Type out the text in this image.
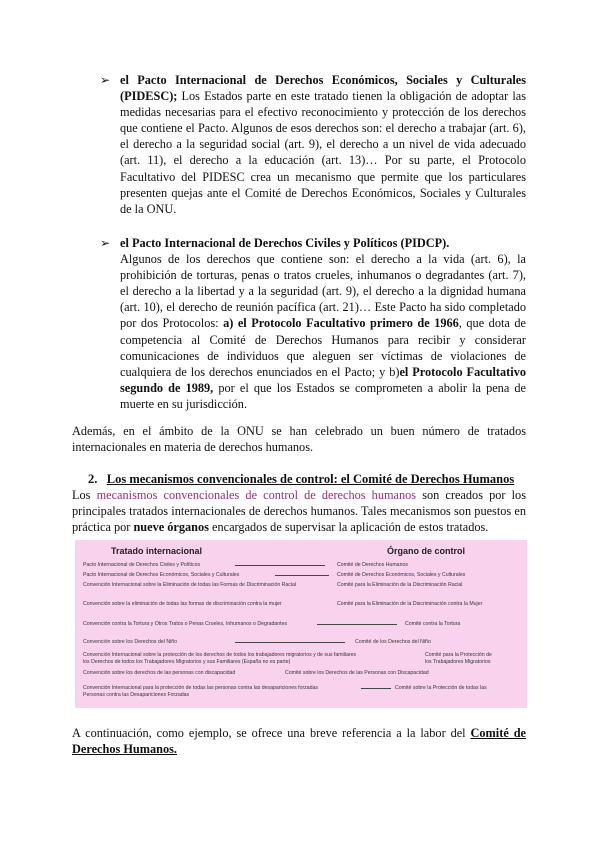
➢ el Pacto Internacional de Derechos Económicos, Sociales y Culturales (PIDESC); Los Estados parte en este tratado tienen la obligación de adoptar las medidas necesarias para el efectivo reconocimiento y protección de los derechos que contiene el Pacto. Algunos de esos derechos son: el derecho a trabajar (art. 6), el derecho a la seguridad social (art. 9), el derecho a un nivel de vida adecuado (art. 11), el derecho a la educación (art. 13)… Por su parte, el Protocolo Facultativo del PIDESC crea un mecanismo que permite que los particulares presenten quejas ante el Comité de Derechos Económicos, Sociales y Culturales de la ONU.

➢ el Pacto Internacional de Derechos Civiles y Políticos (PIDCP).

Algunos de los derechos que contiene son: el derecho a la vida (art. 6), la prohibición de torturas, penas o tratos crueles, inhumanos o degradantes (art. 7), el derecho a la libertad y a la seguridad (art. 9), el derecho a la dignidad humana (art. 10), el derecho de reunión pacífica (art. 21)… Este Pacto ha sido completado por dos Protocolos: a) el Protocolo Facultativo primero de 1966, que dota de competencia al Comité de Derechos Humanos para recibir y considerar comunicaciones de individuos que aleguen ser víctimas de violaciones de cualquiera de los derechos enunciados en el Pacto; y b)el Protocolo Facultativo segundo de 1989, por el que los Estados se comprometen a abolir la pena de muerte en su jurisdicción.

Además, en el ámbito de la ONU se han celebrado un buen número de tratados internacionales en materia de derechos humanos.

2. Los mecanismos convencionales de control: el Comité de Derechos Humanos

Los mecanismos convencionales de control de derechos humanos son creados por los principales tratados internacionales de derechos humanos. Tales mecanismos son puestos en práctica por nueve órganos encargados de supervisar la aplicación de estos tratados.

Tratado internacional	Órgano de control
Pacto Internacional de Derechos Civiles y Políticos	Comité de Derechos Humanos
Pacto Internacional de Derechos Económicos, Sociales y Culturales	Comité de Derechos Económicos, Sociales y Culturales
Convención Internacional sobre la Eliminación de todas las Formas de Discriminación Racial	Comité para la Eliminación de la Discriminación Racial
Convención sobre la eliminación de todas las formas de discriminación contra la mujer	Comité para la Eliminación de la Discriminación contra la Mujer
Convención contra la Tortura y Otros Tratos o Penas Crueles, Inhumanos o Degradantes	Comité contra la Tortura
Convención sobre los Derechos del Niño	Comité de los Derechos del Niño
Convención Internacional sobre la protección de los derechos de todos los trabajadores migratorios y de sus familiares	Comité para la Protección de
los Derechos de todos los Trabajadores Migratorios y sus Familiares (España no es parte)	los Trabajadores Migratorios
Convención sobre los derechos de las personas con discapacidad	Comité sobre los Derechos de las Personas con Discapacidad
Convención Internacional para la protección de todas las personas contra las desapariciones forzadas	Comité sobre la Protección de todas las
Personas contra las Desapariciones Forzadas

A continuación, como ejemplo, se ofrece una breve referencia a la labor del Comité de Derechos Humanos.
